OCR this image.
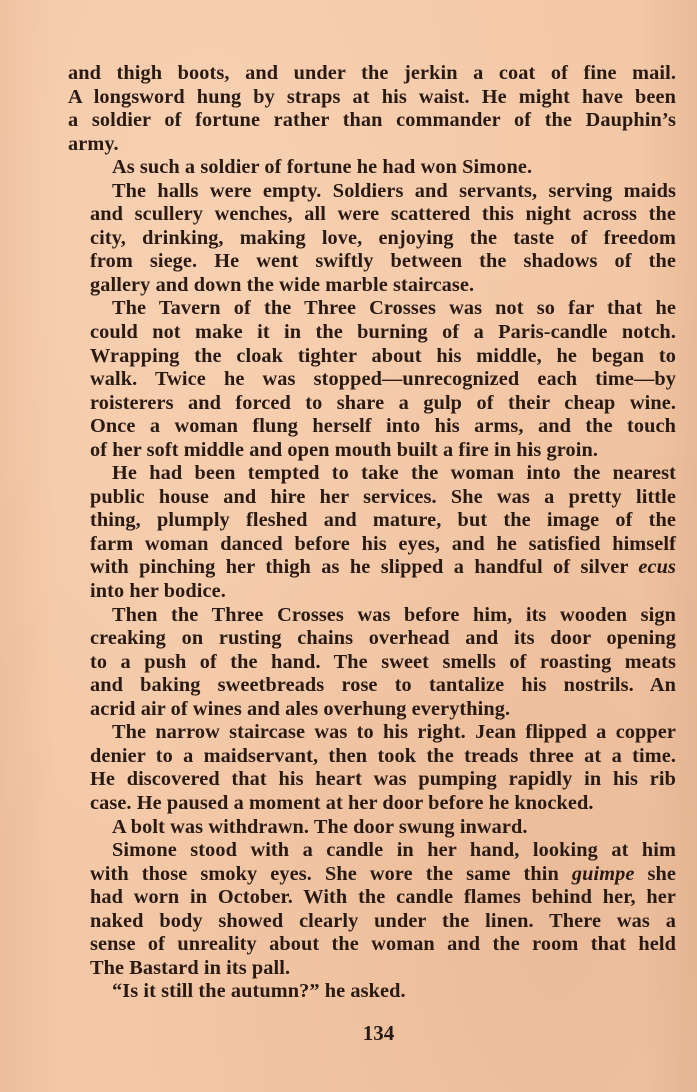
and thigh boots, and under the jerkin a coat of fine mail.
A longsword hung by straps at his waist. He might have been
a soldier of fortune rather than commander of the Dauphin’s
army.
As such a soldier of fortune he had won Simone.
The halls were empty. Soldiers and servants, serving maids
and scullery wenches, all were scattered this night across the
city, drinking, making love, enjoying the taste of freedom
from siege. He went swiftly between the shadows of the
gallery and down the wide marble staircase.
The Tavern of the Three Crosses was not so far that he
could not make it in the burning of a Paris-candle notch.
Wrapping the cloak tighter about his middle, he began to
walk. Twice he was stopped—unrecognized each time—by
roisterers and forced to share a gulp of their cheap wine.
Once a woman flung herself into his arms, and the touch
of her soft middle and open mouth built a fire in his groin.
He had been tempted to take the woman into the nearest
public house and hire her services. She was a pretty little
thing, plumply fleshed and mature, but the image of the
farm woman danced before his eyes, and he satisfied himself
with pinching her thigh as he slipped a handful of silver ecus
into her bodice.
Then the Three Crosses was before him, its wooden sign
creaking on rusting chains overhead and its door opening
to a push of the hand. The sweet smells of roasting meats
and baking sweetbreads rose to tantalize his nostrils. An
acrid air of wines and ales overhung everything.
The narrow staircase was to his right. Jean flipped a copper
denier to a maidservant, then took the treads three at a time.
He discovered that his heart was pumping rapidly in his rib
case. He paused a moment at her door before he knocked.
A bolt was withdrawn. The door swung inward.
Simone stood with a candle in her hand, looking at him
with those smoky eyes. She wore the same thin guimpe she
had worn in October. With the candle flames behind her, her
naked body showed clearly under the linen. There was a
sense of unreality about the woman and the room that held
The Bastard in its pall.
“Is it still the autumn?” he asked.
134
